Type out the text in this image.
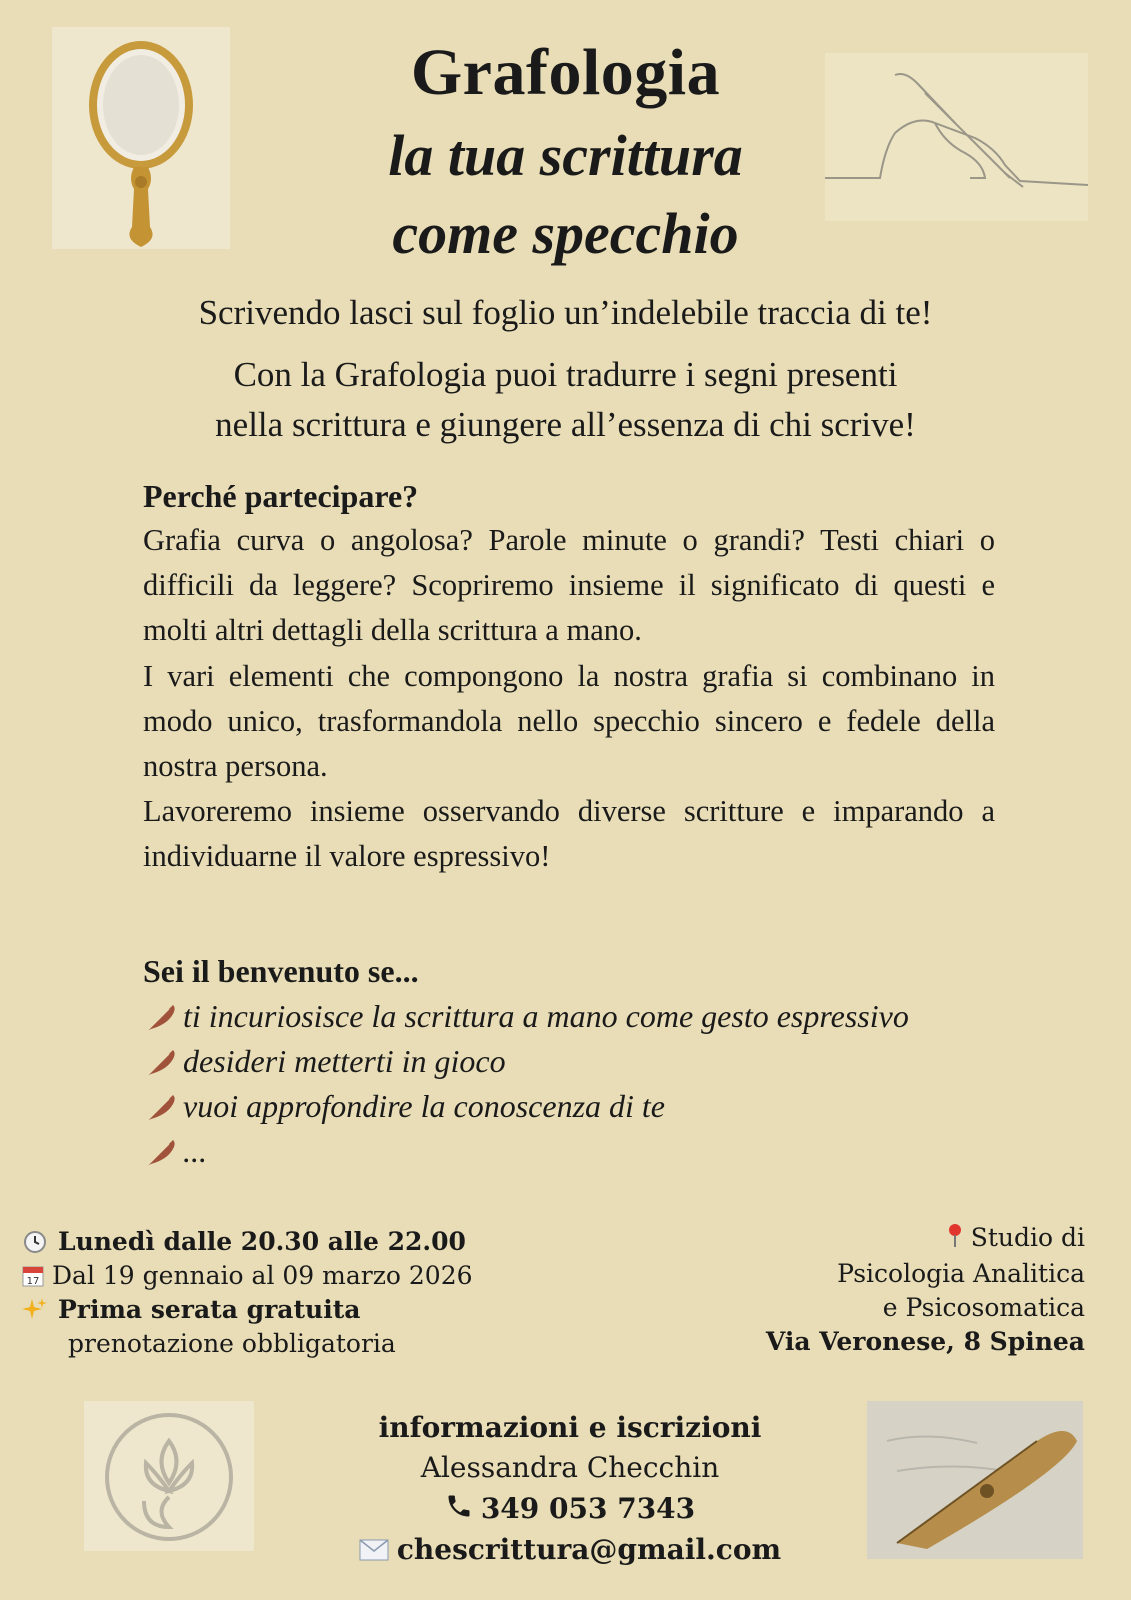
Grafologia
la tua scrittura
come specchio
Scrivendo lasci sul foglio un’indelebile traccia di te!
Con la Grafologia puoi tradurre i segni presenti
nella scrittura e giungere all’essenza di chi scrive!
Perché partecipare?

Grafia curva o angolosa? Parole minute o grandi? Testi chiari o difficili da leggere? Scopriremo insieme il significato di questi e molti altri dettagli della scrittura a mano.

I vari elementi che compongono la nostra grafia si combinano in modo unico, trasformandola nello specchio sincero e fedele della nostra persona.

Lavoreremo insieme osservando diverse scritture e imparando a individuarne il valore espressivo!

Sei il benvenuto se...
ti incuriosisce la scrittura a mano come gesto espressivo
desideri metterti in gioco
vuoi approfondire la conoscenza di te
...
Lunedì dalle 20.30 alle 22.00
17 Dal 19 gennaio al 09 marzo 2026
Prima serata gratuita
prenotazione obbligatoria
Studio di
Psicologia Analitica
e Psicosomatica
Via Veronese, 8 Spinea
informazioni e iscrizioni
Alessandra Checchin
349 053 7343
chescrittura@gmail.com
